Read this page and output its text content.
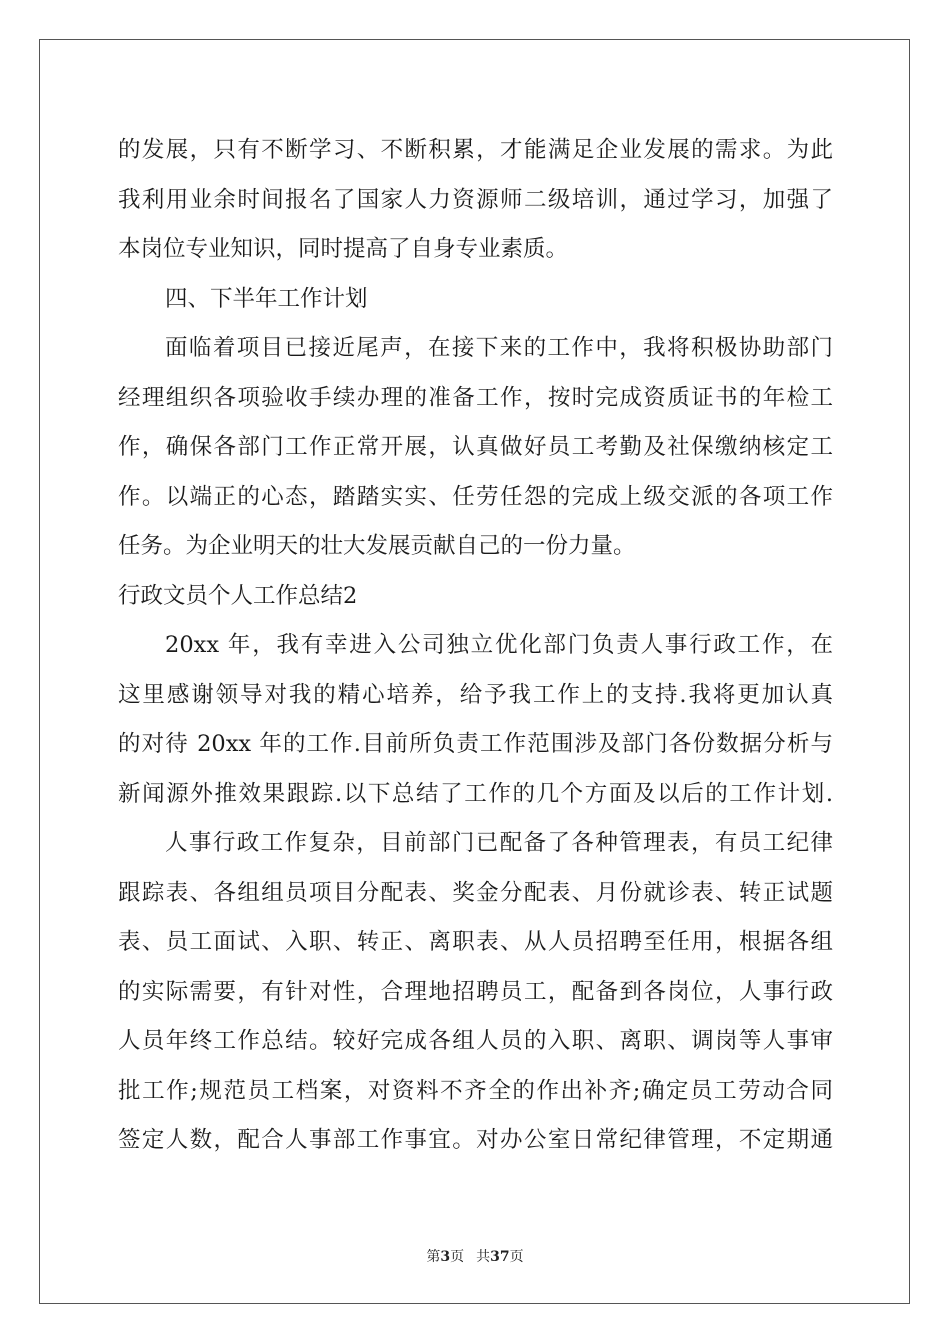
的发展，只有不断学习、不断积累，才能满足企业发展的需求。为此
我利用业余时间报名了国家人力资源师二级培训，通过学习，加强了
本岗位专业知识，同时提高了自身专业素质。
四、下半年工作计划
面临着项目已接近尾声，在接下来的工作中，我将积极协助部门
经理组织各项验收手续办理的准备工作，按时完成资质证书的年检工
作，确保各部门工作正常开展，认真做好员工考勤及社保缴纳核定工
作。以端正的心态，踏踏实实、任劳任怨的完成上级交派的各项工作
任务。为企业明天的壮大发展贡献自己的一份力量。
行政文员个人工作总结2
20xx 年，我有幸进入公司独立优化部门负责人事行政工作，在
这里感谢领导对我的精心培养，给予我工作上的支持.我将更加认真
的对待 20xx 年的工作.目前所负责工作范围涉及部门各份数据分析与
新闻源外推效果跟踪.以下总结了工作的几个方面及以后的工作计划.
人事行政工作复杂，目前部门已配备了各种管理表，有员工纪律
跟踪表、各组组员项目分配表、奖金分配表、月份就诊表、转正试题
表、员工面试、入职、转正、离职表、从人员招聘至任用，根据各组
的实际需要，有针对性，合理地招聘员工，配备到各岗位，人事行政
人员年终工作总结。较好完成各组人员的入职、离职、调岗等人事审
批工作;规范员工档案，对资料不齐全的作出补齐;确定员工劳动合同
签定人数，配合人事部工作事宜。对办公室日常纪律管理，不定期通
第3页 共37页
